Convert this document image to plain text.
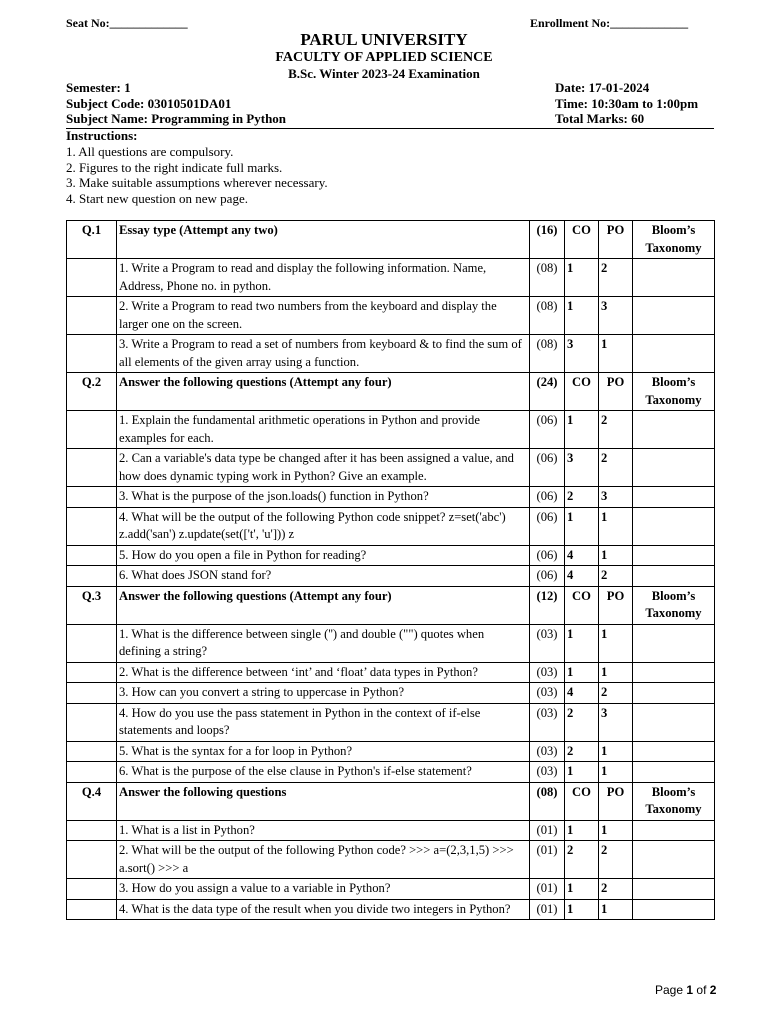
Seat No:_____________	Enrollment No:_____________
PARUL UNIVERSITY
FACULTY OF APPLIED SCIENCE
B.Sc. Winter 2023-24 Examination
Semester: 1
Subject Code: 03010501DA01
Subject Name: Programming in Python
Date: 17-01-2024
Time: 10:30am to 1:00pm
Total Marks: 60
Instructions:
1. All questions are compulsory.
2. Figures to the right indicate full marks.
3. Make suitable assumptions wherever necessary.
4. Start new question on new page.
Q.1	Essay type (Attempt any two)	(16)	CO	PO	Bloom’s Taxonomy
	1. Write a Program to read and display the following information. Name, Address, Phone no. in python.	(08)	1	2	
	2. Write a Program to read two numbers from the keyboard and display the larger one on the screen.	(08)	1	3	
	3. Write a Program to read a set of numbers from keyboard & to find the sum of all elements of the given array using a function.	(08)	3	1	
Q.2	Answer the following questions (Attempt any four)	(24)	CO	PO	Bloom’s Taxonomy
	1. Explain the fundamental arithmetic operations in Python and provide examples for each.	(06)	1	2	
	2. Can a variable's data type be changed after it has been assigned a value, and how does dynamic typing work in Python? Give an example.	(06)	3	2	
	3. What is the purpose of the json.loads() function in Python?	(06)	2	3	
	4. What will be the output of the following Python code snippet? z=set('abc') z.add('san') z.update(set(['t', 'u'])) z	(06)	1	1	
	5. How do you open a file in Python for reading?	(06)	4	1	
	6. What does JSON stand for?	(06)	4	2	
Q.3	Answer the following questions (Attempt any four)	(12)	CO	PO	Bloom’s Taxonomy
	1. What is the difference between single ('') and double ("") quotes when defining a string?	(03)	1	1	
	2. What is the difference between ‘int’ and ‘float’ data types in Python?	(03)	1	1	
	3. How can you convert a string to uppercase in Python?	(03)	4	2	
	4. How do you use the pass statement in Python in the context of if-else statements and loops?	(03)	2	3	
	5. What is the syntax for a for loop in Python?	(03)	2	1	
	6. What is the purpose of the else clause in Python's if-else statement?	(03)	1	1	
Q.4	Answer the following questions	(08)	CO	PO	Bloom’s Taxonomy
	1. What is a list in Python?	(01)	1	1	
	2. What will be the output of the following Python code? >>> a=(2,3,1,5) >>> a.sort() >>> a	(01)	2	2	
	3. How do you assign a value to a variable in Python?	(01)	1	2	
	4. What is the data type of the result when you divide two integers in Python?	(01)	1	1	
Page 1 of 2
